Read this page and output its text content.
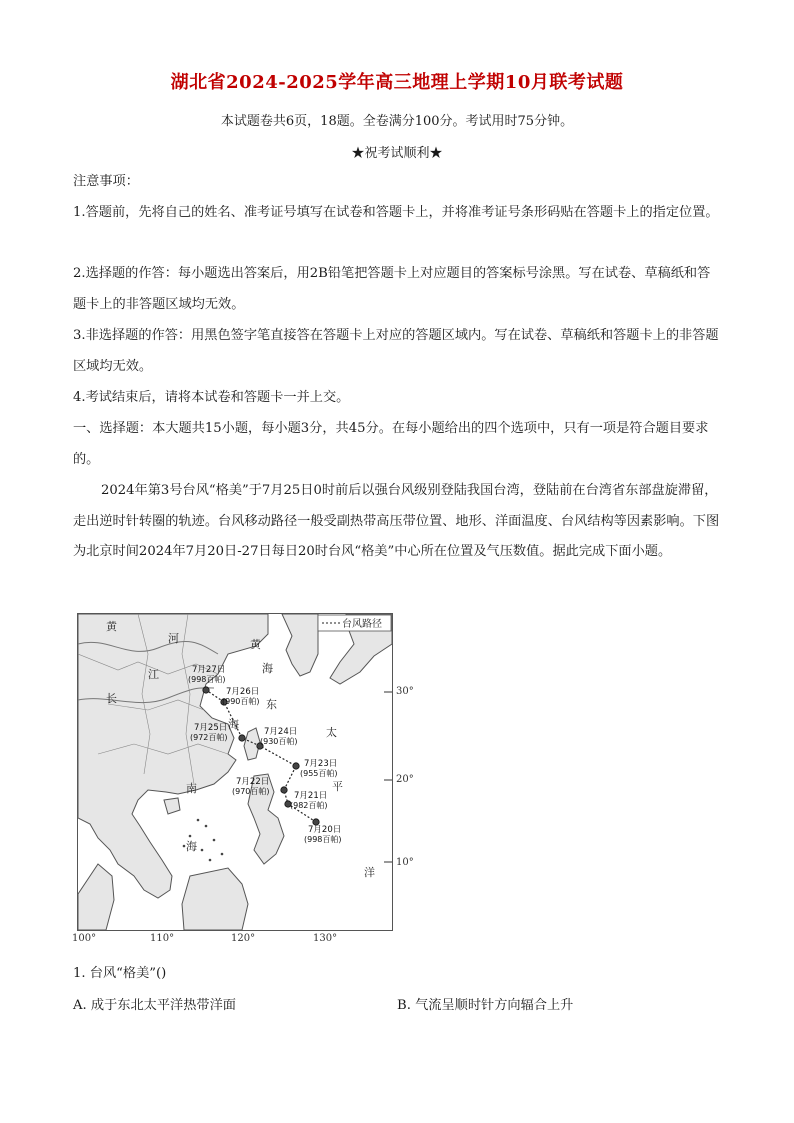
湖北省2024-2025学年高三地理上学期10月联考试题
本试题卷共6页，18题。全卷满分100分。考试用时75分钟。
★祝考试顺利★
注意事项：
1.答题前，先将自己的姓名、准考证号填写在试卷和答题卡上，并将准考证号条形码贴在答题卡上的指定位置。
2.选择题的作答：每小题选出答案后，用2B铅笔把答题卡上对应题目的答案标号涂黑。写在试卷、草稿纸和答题卡上的非答题区域均无效。
3.非选择题的作答：用黑色签字笔直接答在答题卡上对应的答题区域内。写在试卷、草稿纸和答题卡上的非答题区域均无效。
4.考试结束后，请将本试卷和答题卡一并上交。
一、选择题：本大题共15小题，每小题3分，共45分。在每小题给出的四个选项中，只有一项是符合题目要求的。
2024年第3号台风“格美”于7月25日0时前后以强台风级别登陆我国台湾，登陆前在台湾省东部盘旋滞留，走出逆时针转圈的轨迹。台风移动路径一般受副热带高压带位置、地形、洋面温度、台风结构等因素影响。下图为北京时间2024年7月20日-27日每日20时台风“格美”中心所在位置及气压数值。据此完成下面小题。
黄
河	黄
海
江
长	东
海
太
平
南
海
洋
台风路径
7月20日
(998百帕)
7月21日
(982百帕)
7月22日
(970百帕)
7月23日
(955百帕)
7月24日
(930百帕)
7月25日
(972百帕)
7月26日
(990百帕)
7月27日
(998百帕)
30°
20°
10°
100°	110°	120°	130°
1. 台风“格美”()
A. 成于东北太平洋热带洋面	B. 气流呈顺时针方向辐合上升
